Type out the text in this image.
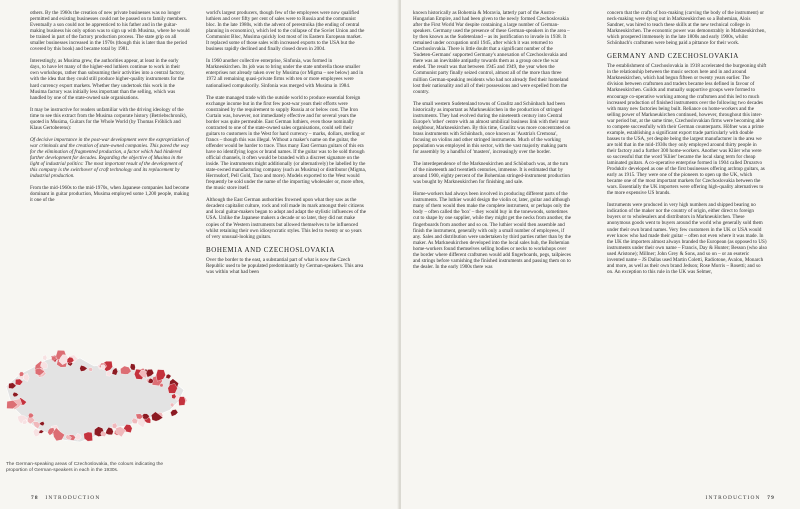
others. By the 1960s the creation of new private businesses was no longer permitted and existing businesses could not be passed on to family members. Eventually a son could not be apprenticed to his father and in the guitar-making business his only option was to sign up with Musima, where he would be trained in part of the factory production process. The state grip on all smaller businesses increased in the 1970s (though this is later than the period covered by this book) and became total by 1981.

Interestingly, as Musima grew, the authorities appear, at least in the early days, to have let many of the higher-end luthiers continue to work in their own workshops, rather than subsuming their activities into a central factory, with the idea that they could still produce higher-quality instruments for the hard currency export markets. Whether they undertook this work in the Musima factory was initially less important than the selling, which was handled by one of the state-owned sale organisations.

It may be instructive for readers unfamiliar with the driving ideology of the time to see this extract from the Musima corporate history (Betriebschronik), quoted in Musima, Guitars for the Whole World (by Thomas Fröhlich and Klaus Gertoberens):

Of decisive importance in the post-war development were the expropriation of war criminals and the creation of state-owned companies. This paved the way for the elimination of fragmented production, a factor which had hindered further development for decades. Regarding the objective of Musima in the light of industrial politics: The most important result of the development of this company is the switchover of craft technology and its replacement by industrial production.

From the mid-1960s to the mid-1970s, when Japanese companies had become dominant in guitar production, Musima employed some 1,200 people, making it one of the

The German-speaking areas of Czechoslovakia, the colours indicating the proportion of German-speakers in each in the 1930s.

world's largest producers, though few of the employees were now qualified luthiers and over fifty per cent of sales were to Russia and the communist bloc. In the late 1980s, with the advent of perestroika (the ending of central planning in economics), which led to the collapse of the Soviet Union and the Communist Bloc, Musima quickly lost most of its Eastern European market. It replaced some of those sales with increased exports to the USA but the business rapidly declined and finally closed down in 2004.

In 1960 another collective enterprise, Sinfonia, was formed in Markneukirchen. Its job was to bring under the state umbrella those smaller enterprises not already taken over by Musima (or Migma – see below) and in 1972 all remaining quasi-private firms with ten or more employees were nationalised compulsorily. Sinfonia was merged with Musima in 1984.

The state managed trade with the outside world to produce essential foreign exchange income but in the first few post-war years their efforts were constrained by the requirement to supply Russia at or below cost. The Iron Curtain was, however, not immediately effective and for several years the border was quite permeable. East German luthiers, even those nominally contracted to one of the state-owned sales organisations, could sell their guitars to customers in the West for hard currency – marks, dollars, sterling or francs – though this was illegal. Without a maker's name on the guitar, the offender would be harder to trace. Thus many East German guitars of this era have no identifying logos or brand names. If the guitar was to be sold through official channels, it often would be branded with a discreet signature on the inside. The instruments might additionally (or alternatively) be labelled by the state-owned manufacturing company (such as Musima) or distributor (Migma, Herrnsdorf, Pell Gold, Taco and more). Models exported to the West would frequently be sold under the name of the importing wholesaler or, more often, the music store itself.

Although the East German authorities frowned upon what they saw as the decadent capitalist culture, rock and roll made its mark amongst their citizens and local guitar-makers began to adopt and adapt the stylistic influences of the USA. Unlike the Japanese makers a decade or so later, they did not make copies of the Western instruments but allowed themselves to be influenced whilst retaining their own idiosyncratic styles. This led to twenty or so years of very unusual-looking guitars.

BOHEMIA AND CZECHOSLOVAKIA

Over the border to the east, a substantial part of what is now the Czech Republic used to be populated predominantly by German-speakers. This area was within what had been

78 INTRODUCTION

known historically as Bohemia & Moravia, latterly part of the Austro-Hungarian Empire, and had been given to the newly formed Czechoslovakia after the First World War despite containing a large number of German-speakers. Germany used the presence of these German-speakers in the area – by then known as the Sudetenland – as its justification to invade in 1938. It remained under occupation until 1945, after which it was returned to Czechoslovakia. There is little doubt that a significant number of the 'Sudeten-Germans' supported Germany's annexation of Czechoslovakia and there was an inevitable antipathy towards them as a group once the war ended. The result was that between 1945 and 1949, the year when the Communist party finally seized control, almost all of the more than three million German-speaking residents who had not already fled their homeland lost their nationality and all of their possessions and were expelled from the country.

The small western Sudetenland towns of Graslitz and Schönbach had been historically as important as Markneukirchen in the production of stringed instruments. They had evolved during the nineteenth century into Central Europe's 'other' centre with an almost umbilical business link with their near neighbour, Markneukirchen. By this time, Graslitz was more concentrated on brass instruments with Schönbach, once known as 'Austria's Cremona', focusing on violins and other stringed instruments. Much of the working population was employed in this sector, with the vast majority making parts for assembly by a handful of 'masters', increasingly over the border.

The interdependence of the Markneukirchen and Schönbach was, at the turn of the nineteenth and twentieth centuries, immense. It is estimated that by around 1900, eighty percent of the Bohemian stringed-instrument production was bought by Markneukirchen for finishing and sale.

Home-workers had always been involved in producing different parts of the instruments. The luthier would design the violin or, later, guitar and although many of them would then make the complete instrument, or perhaps only the body – often called the 'box' – they would buy in the tonewoods, sometimes cut to shape by one supplier, while they might get the necks from another, the fingerboards from another and so on. The luthier would then assemble and finish the instrument, generally with only a small number of employees, if any. Sales and distribution were undertaken by third parties rather than by the maker. As Markneukirchen developed into the local sales hub, the Bohemian home-workers found themselves selling bodies or necks to workshops over the border where different craftsmen would add fingerboards, pegs, tailpieces and strings before varnishing the finished instruments and passing them on to the dealer. In the early 1900s there was

concern that the crafts of box-making (carving the body of the instrument) or neck-making were dying out in Markneukirchen so a Bohemian, Alois Sandner, was hired to teach these skills at the new technical college in Markneukirchen. The economic power was demonstrably in Markneukirchen, which prospered immensely in the late 1800s and early 1900s, whilst Schönbach's craftsmen were being paid a pittance for their work.

GERMANY AND CZECHOSLOVAKIA

The establishment of Czechoslovakia in 1918 accelerated the burgeoning shift in the relationship between the music sectors here and in and around Markneukirchen, which had begun fifteen or twenty years earlier. The division between craftsmen and traders became less defined in favour of Markneukirchen. Guilds and mutually supportive groups were formed to encourage co-operative working among the craftsmen and this led to much increased production of finished instruments over the following two decades with many new factories being built. Reliance on home-workers and the selling power of Markneukirchen continued, however, throughout this inter-war period but, at the same time, Czechoslovakian firms were becoming able to compete successfully with their German counterparts. Höfner was a prime example, establishing a significant export trade particularly with double basses to the USA, yet despite being the largest manufacturer in the area we are told that in the mid-1930s they only employed around thirty people in their factory and a further 300 home-workers. Another was Kliier who were so successful that the word 'Kliier' became the local slang term for cheap laminated guitars. A co-operative enterprise formed in 1904 called Druzstvo Produktiv developed as one of the first businesses offering archtop guitars, as early as 1915. They were one of the pioneers to open up the UK, which became one of the most important markets for Czechoslovakia between the wars. Essentially the UK importers were offering high-quality alternatives to the more expensive US brands.

Instruments were produced in very high numbers and shipped bearing no indication of the maker nor the country of origin, either direct to foreign buyers or to wholesalers and distributors in Markneukirchen. These anonymous goods went to buyers around the world who generally sold them under their own brand names. Very few customers in the UK or USA would ever know who had made their guitar – often not even where it was made. In the UK the importers almost always branded the European (as opposed to US) instruments under their own name – Francis, Day & Hunter; Besson (who also used Aristone); Millner; John Grey & Sons, and so on – or an esoteric invented name – JS Dallas used Martin Coletti, Radiotone, Avalon, Monarch and more, as well as their own brand Jedson; Rose Morris – Rosetti; and so on. An exception to this rule in the UK was Selmer,

INTRODUCTION 79
